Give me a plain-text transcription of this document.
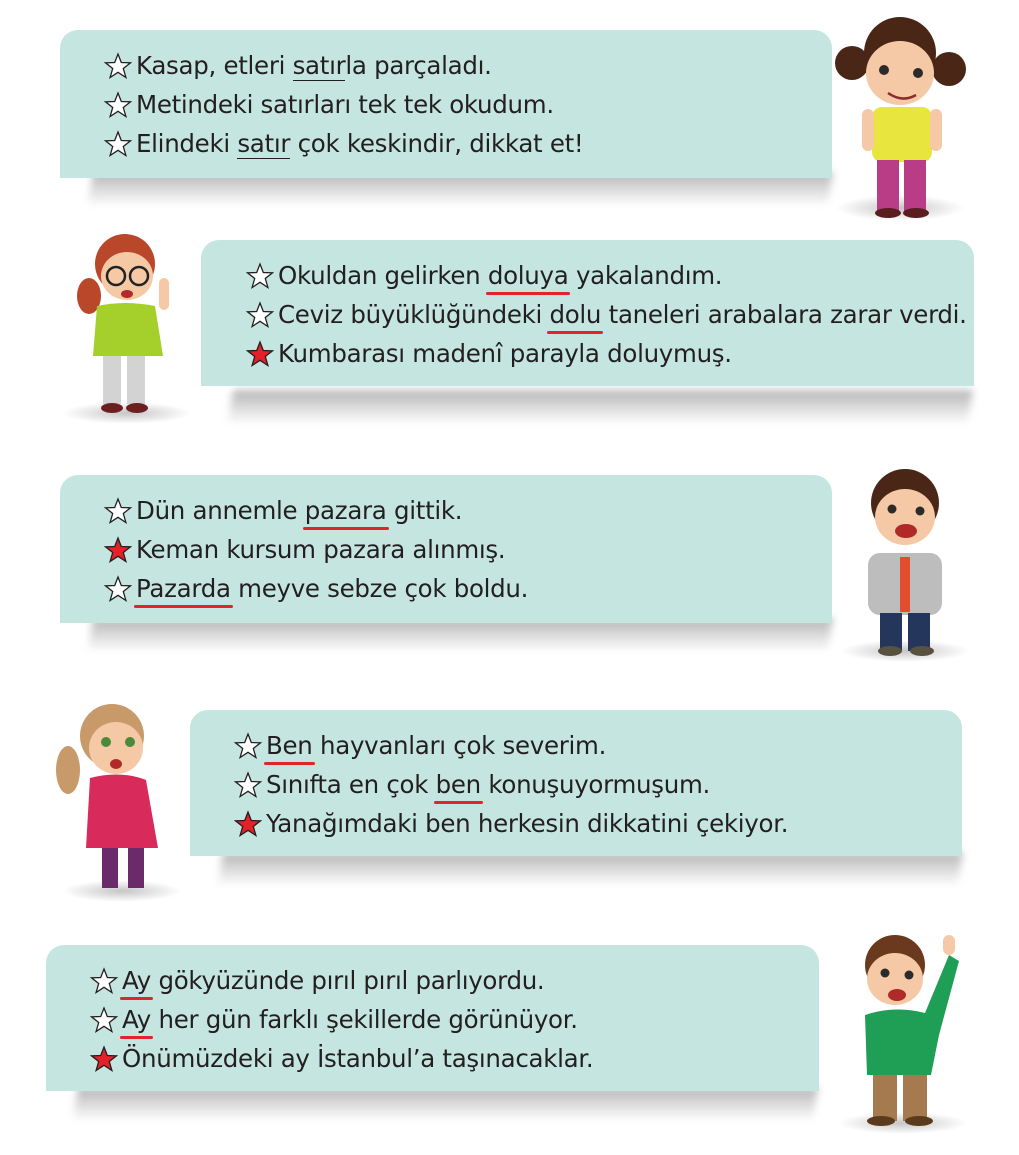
Kasap, etleri satırla parçaladı.
Metindeki satırları tek tek okudum.
Elindeki satır çok keskindir, dikkat et!
Okuldan gelirken doluya yakalandım.
Ceviz büyüklüğündeki dolu taneleri arabalara zarar verdi.
Kumbarası madenî parayla doluymuş.
Dün annemle pazara gittik.
Keman kursum pazara alınmış.
Pazarda meyve sebze çok boldu.
Ben hayvanları çok severim.
Sınıfta en çok ben konuşuyormuşum.
Yanağımdaki ben herkesin dikkatini çekiyor.
Ay gökyüzünde pırıl pırıl parlıyordu.
Ay her gün farklı şekillerde görünüyor.
Önümüzdeki ay İstanbul’a taşınacaklar.
